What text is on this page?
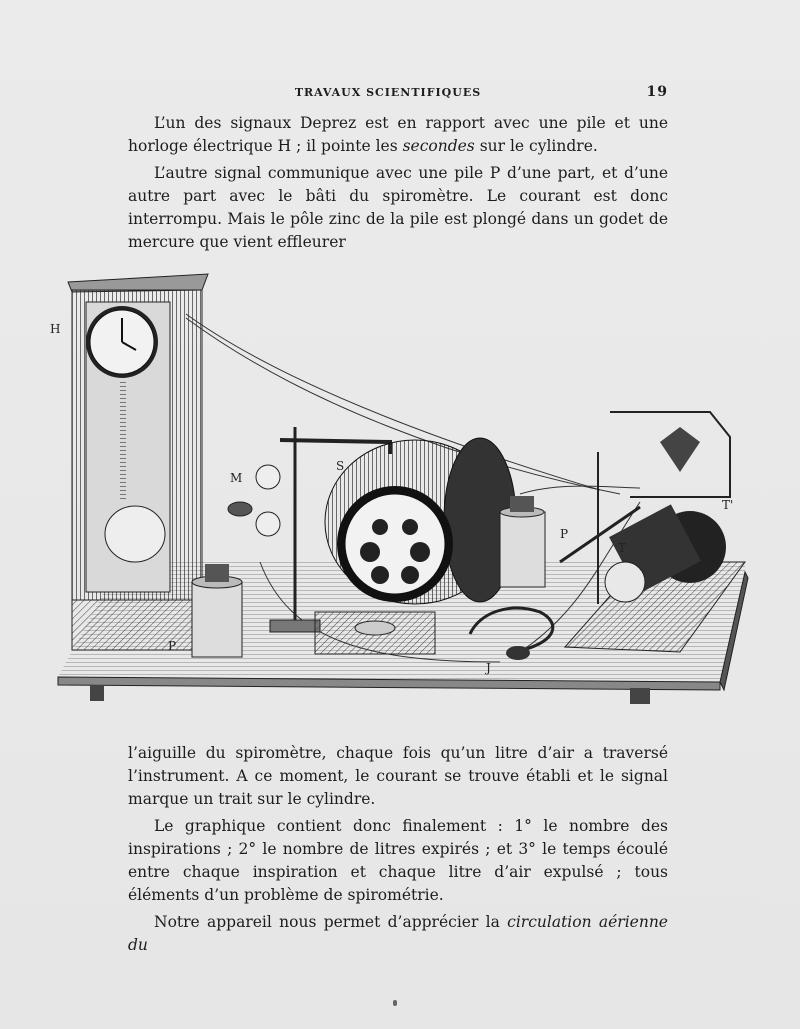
TRAVAUX SCIENTIFIQUES	19

L’un des signaux Deprez est en rapport avec une pile et une horloge électrique H ; il pointe les secondes sur le cylindre.

L’autre signal communique avec une pile P d’une part, et d’une autre part avec le bâti du spiromètre. Le courant est donc interrompu. Mais le pôle zinc de la pile est plongé dans un godet de mercure que vient effleurer

H
M
S
P
P
T
T'
J

l’aiguille du spiromètre, chaque fois qu’un litre d’air a traversé l’instrument. A ce moment, le courant se trouve établi et le signal marque un trait sur le cylindre.

Le graphique contient donc finalement : 1° le nombre des inspirations ; 2° le nombre de litres expirés ; et 3° le temps écoulé entre chaque inspiration et chaque litre d’air expulsé ; tous éléments d’un problème de spirométrie.

Notre appareil nous permet d’apprécier la circulation aérienne du
